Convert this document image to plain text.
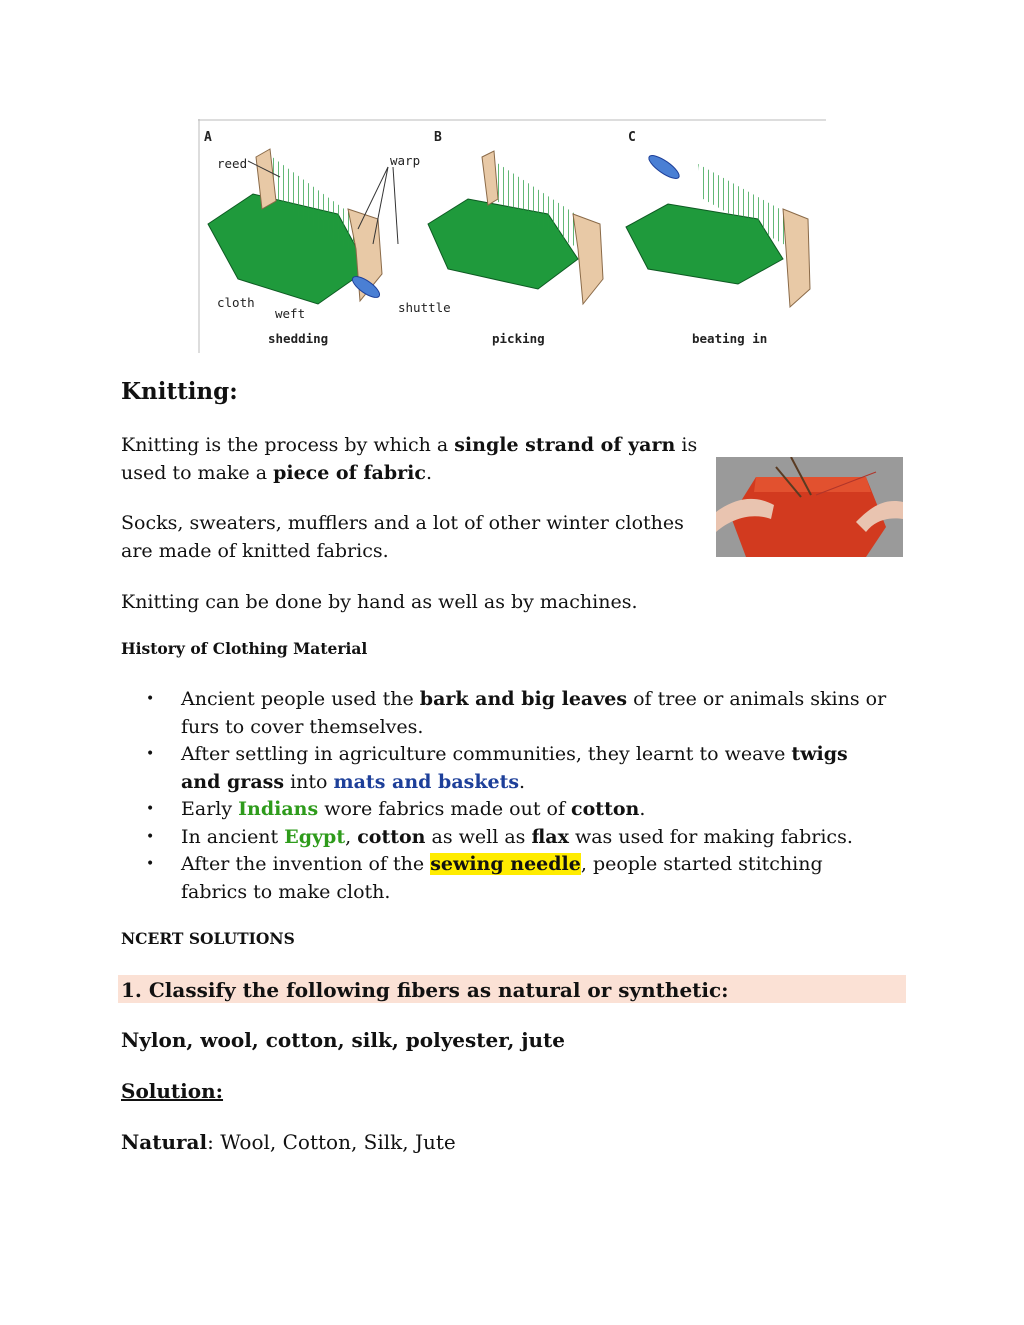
A
reed	warp
cloth
weft	shuttle
shedding
B
picking
C
beating in
Knitting:
Knitting is the process by which a single strand of yarn is
used to make a piece of fabric.
Socks, sweaters, mufflers and a lot of other winter clothes
are made of knitted fabrics.
Knitting can be done by hand as well as by machines.
History of Clothing Material
• Ancient people used the bark and big leaves of tree or animals skins or
furs to cover themselves.
• After settling in agriculture communities, they learnt to weave twigs
and grass into mats and baskets.
• Early Indians wore fabrics made out of cotton.
• In ancient Egypt, cotton as well as flax was used for making fabrics.
• After the invention of the sewing needle, people started stitching
fabrics to make cloth.
NCERT SOLUTIONS
1. Classify the following fibers as natural or synthetic:
Nylon, wool, cotton, silk, polyester, jute
Solution:
Natural: Wool, Cotton, Silk, Jute
